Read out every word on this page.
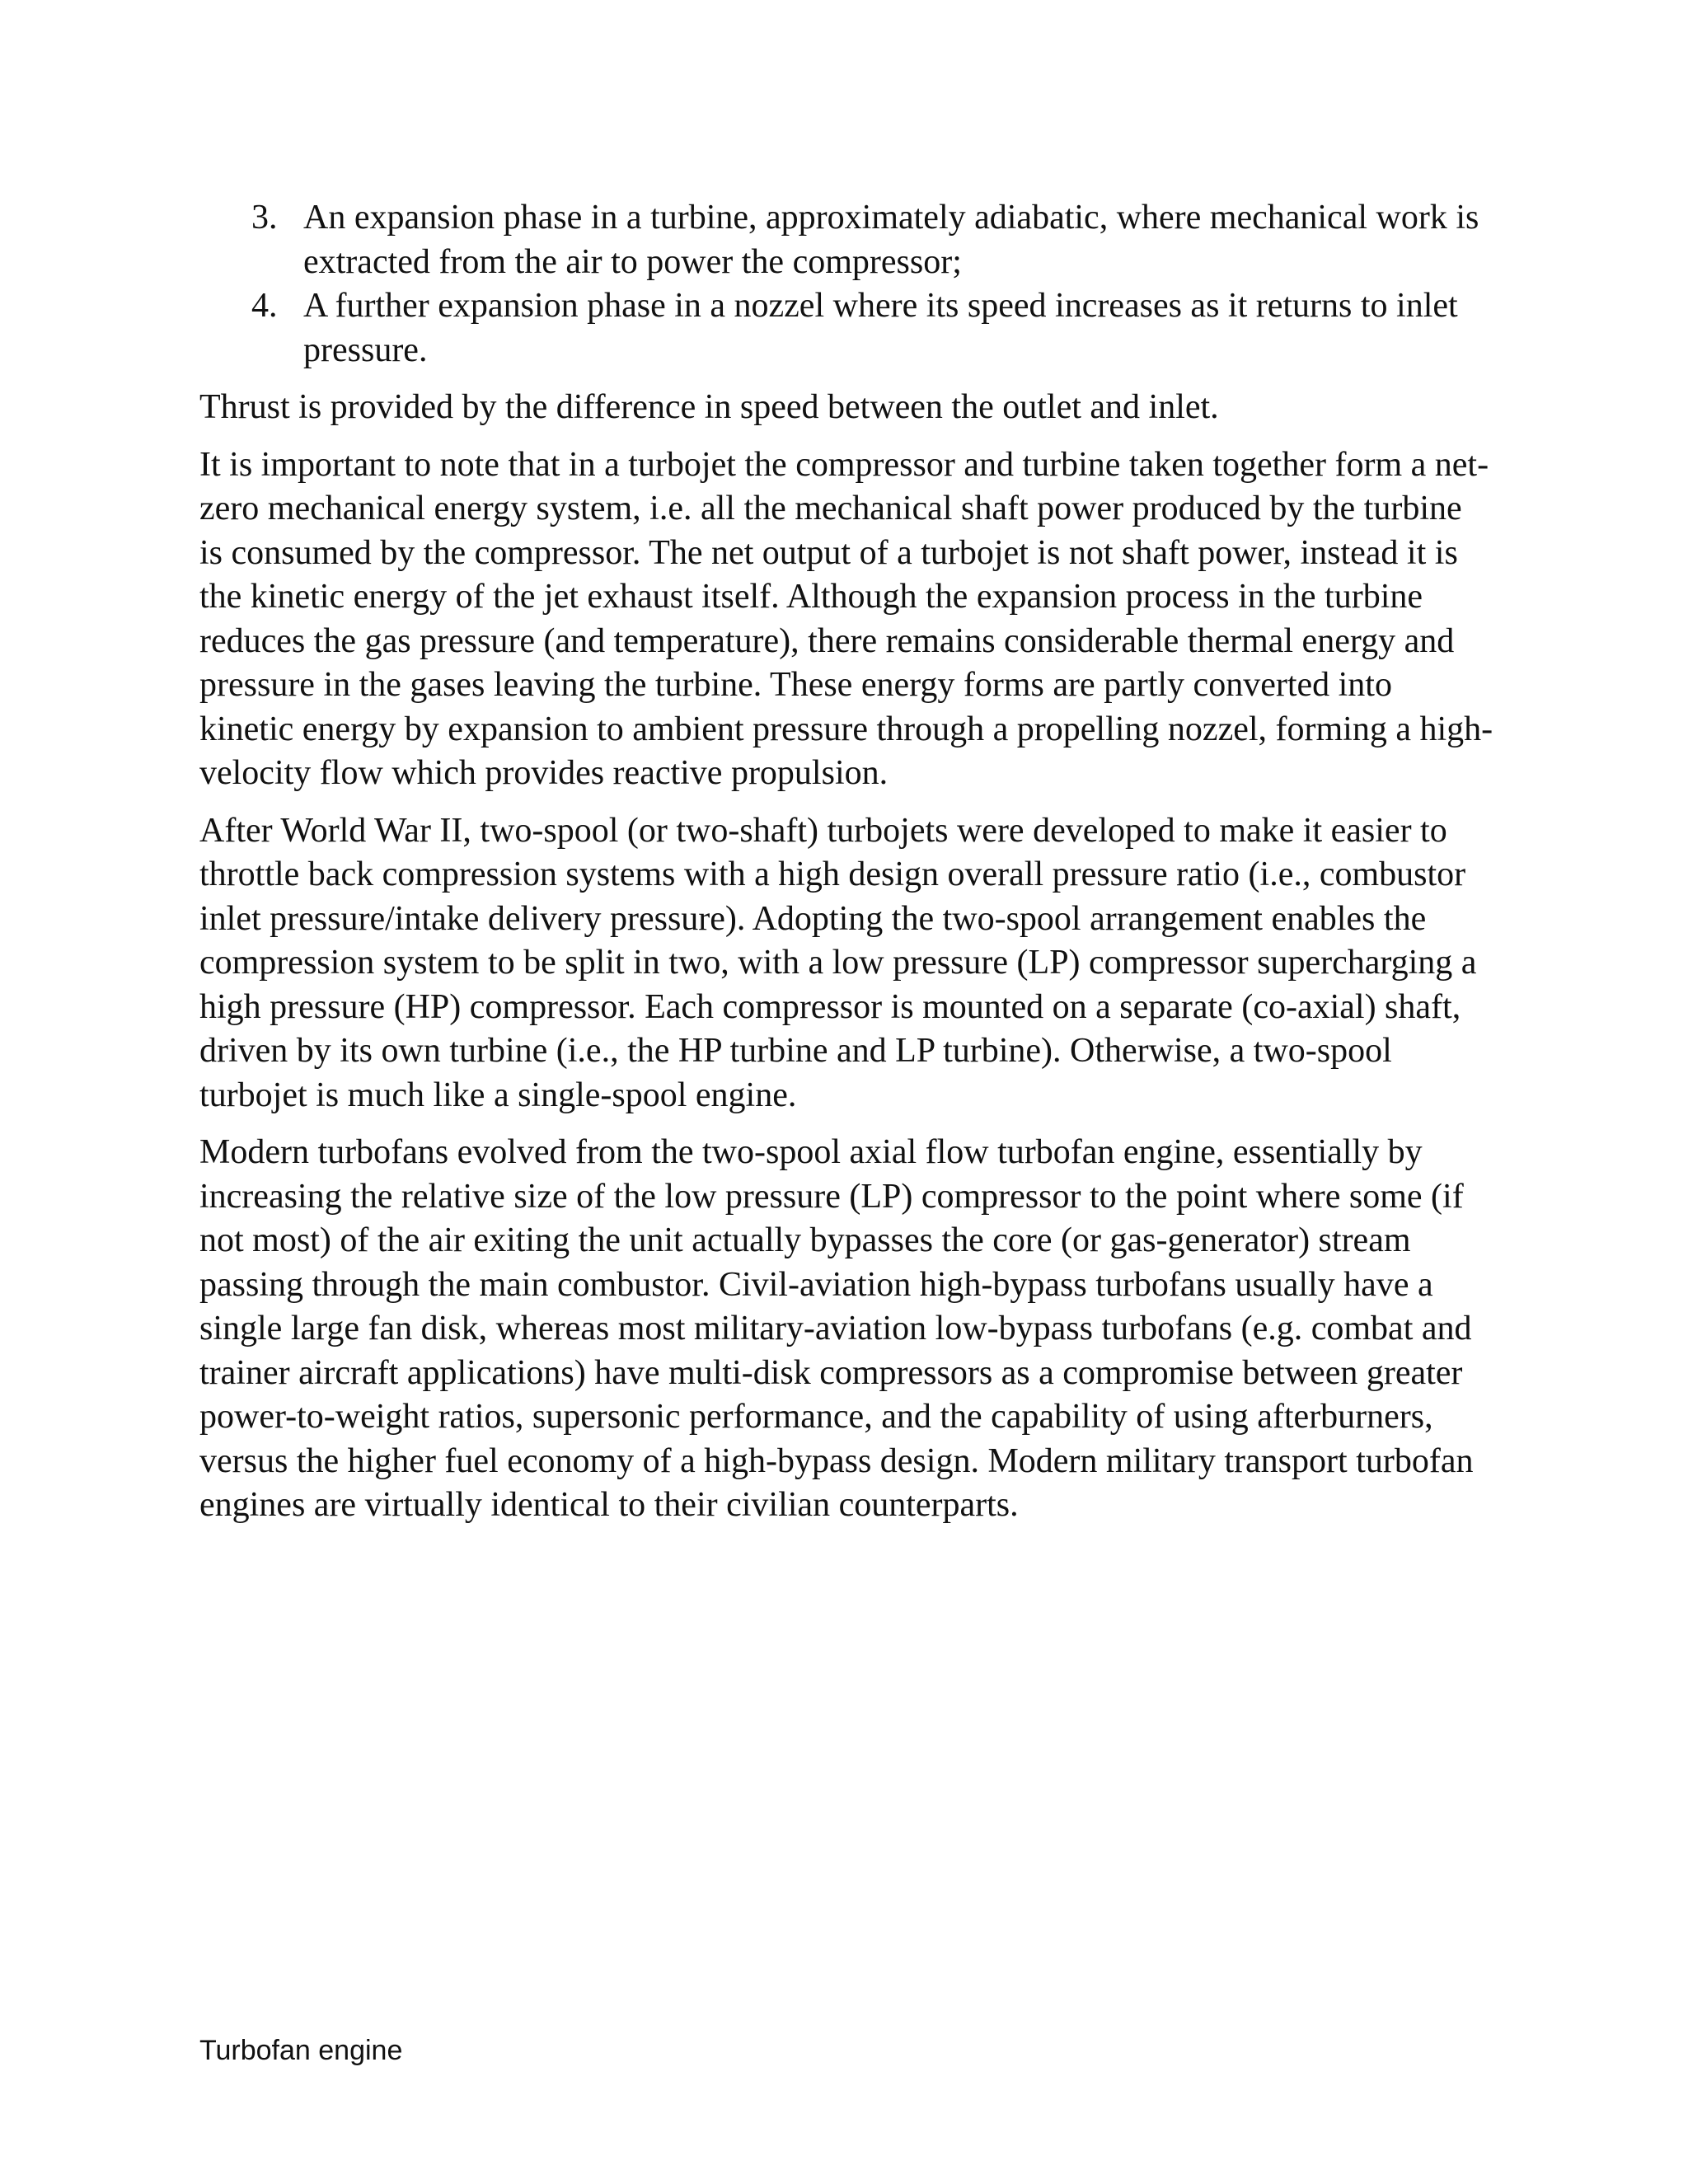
3. An expansion phase in a turbine, approximately adiabatic, where mechanical work is extracted from the air to power the compressor;
4. A further expansion phase in a nozzel where its speed increases as it returns to inlet pressure.

Thrust is provided by the difference in speed between the outlet and inlet.

It is important to note that in a turbojet the compressor and turbine taken together form a net-zero mechanical energy system, i.e. all the mechanical shaft power produced by the turbine is consumed by the compressor. The net output of a turbojet is not shaft power, instead it is the kinetic energy of the jet exhaust itself. Although the expansion process in the turbine reduces the gas pressure (and temperature), there remains considerable thermal energy and pressure in the gases leaving the turbine. These energy forms are partly converted into kinetic energy by expansion to ambient pressure through a propelling nozzel, forming a high-velocity flow which provides reactive propulsion.

After World War II, two-spool (or two-shaft) turbojets were developed to make it easier to throttle back compression systems with a high design overall pressure ratio (i.e., combustor inlet pressure/intake delivery pressure). Adopting the two-spool arrangement enables the compression system to be split in two, with a low pressure (LP) compressor supercharging a high pressure (HP) compressor. Each compressor is mounted on a separate (co-axial) shaft, driven by its own turbine (i.e., the HP turbine and LP turbine). Otherwise, a two-spool turbojet is much like a single-spool engine.

Modern turbofans evolved from the two-spool axial flow turbofan engine, essentially by increasing the relative size of the low pressure (LP) compressor to the point where some (if not most) of the air exiting the unit actually bypasses the core (or gas-generator) stream passing through the main combustor. Civil-aviation high-bypass turbofans usually have a single large fan disk, whereas most military-aviation low-bypass turbofans (e.g. combat and trainer aircraft applications) have multi-disk compressors as a compromise between greater power-to-weight ratios, supersonic performance, and the capability of using afterburners, versus the higher fuel economy of a high-bypass design. Modern military transport turbofan engines are virtually identical to their civilian counterparts.

Turbofan engine
